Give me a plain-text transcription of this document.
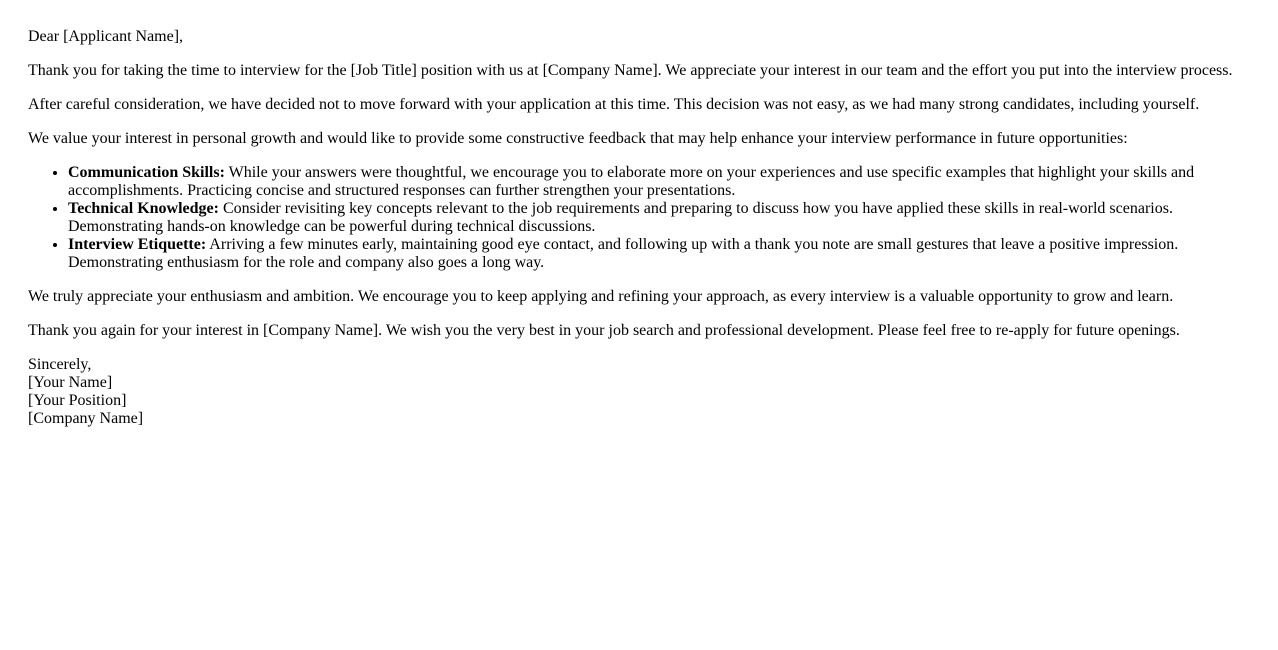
Dear [Applicant Name],

Thank you for taking the time to interview for the [Job Title] position with us at [Company Name]. We appreciate your interest in our team and the effort you put into the interview process.

After careful consideration, we have decided not to move forward with your application at this time. This decision was not easy, as we had many strong candidates, including yourself.

We value your interest in personal growth and would like to provide some constructive feedback that may help enhance your interview performance in future opportunities:

• Communication Skills: While your answers were thoughtful, we encourage you to elaborate more on your experiences and use specific examples that highlight your skills and accomplishments. Practicing concise and structured responses can further strengthen your presentations.
• Technical Knowledge: Consider revisiting key concepts relevant to the job requirements and preparing to discuss how you have applied these skills in real-world scenarios. Demonstrating hands-on knowledge can be powerful during technical discussions.
• Interview Etiquette: Arriving a few minutes early, maintaining good eye contact, and following up with a thank you note are small gestures that leave a positive impression. Demonstrating enthusiasm for the role and company also goes a long way.

We truly appreciate your enthusiasm and ambition. We encourage you to keep applying and refining your approach, as every interview is a valuable opportunity to grow and learn.

Thank you again for your interest in [Company Name]. We wish you the very best in your job search and professional development. Please feel free to re-apply for future openings.

Sincerely,
[Your Name]
[Your Position]
[Company Name]
